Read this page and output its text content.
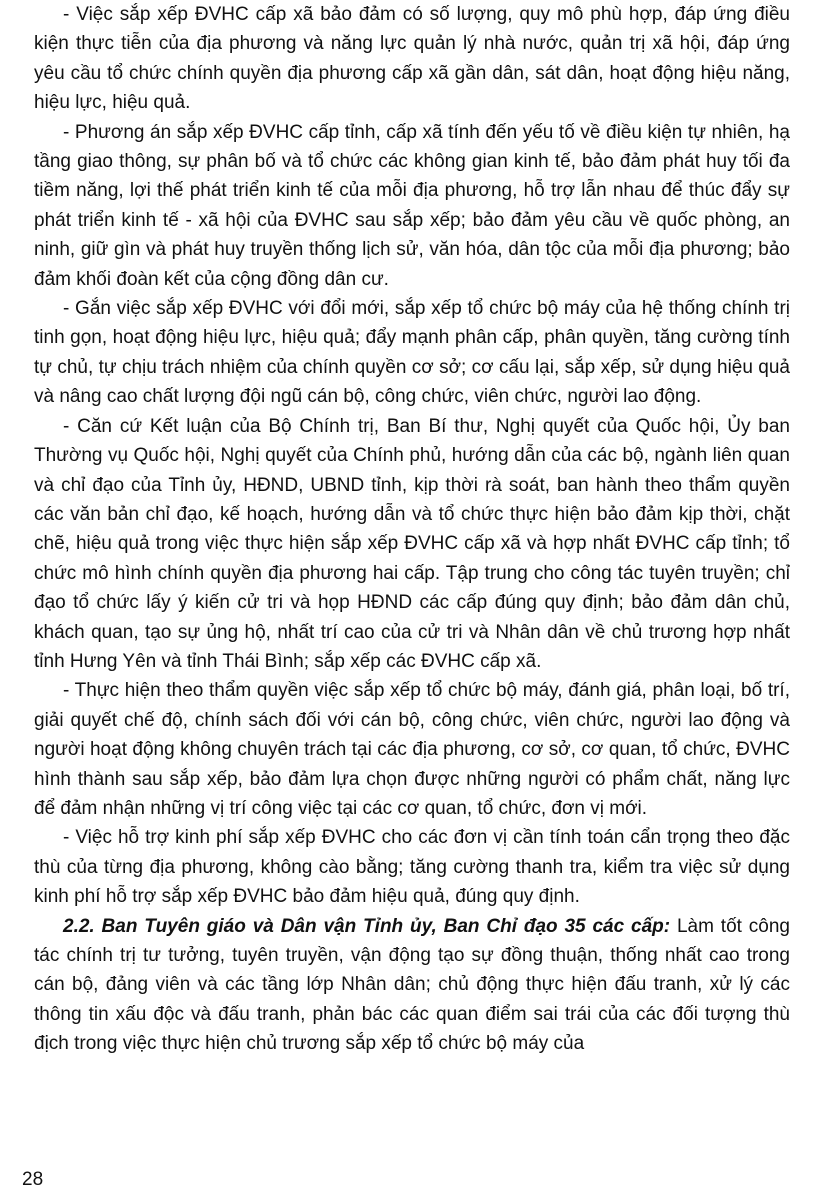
- Việc sắp xếp ĐVHC cấp xã bảo đảm có số lượng, quy mô phù hợp, đáp ứng điều kiện thực tiễn của địa phương và năng lực quản lý nhà nước, quản trị xã hội, đáp ứng yêu cầu tổ chức chính quyền địa phương cấp xã gần dân, sát dân, hoạt động hiệu năng, hiệu lực, hiệu quả.

- Phương án sắp xếp ĐVHC cấp tỉnh, cấp xã tính đến yếu tố về điều kiện tự nhiên, hạ tầng giao thông, sự phân bố và tổ chức các không gian kinh tế, bảo đảm phát huy tối đa tiềm năng, lợi thế phát triển kinh tế của mỗi địa phương, hỗ trợ lẫn nhau để thúc đẩy sự phát triển kinh tế - xã hội của ĐVHC sau sắp xếp; bảo đảm yêu cầu về quốc phòng, an ninh, giữ gìn và phát huy truyền thống lịch sử, văn hóa, dân tộc của mỗi địa phương; bảo đảm khối đoàn kết của cộng đồng dân cư.

- Gắn việc sắp xếp ĐVHC với đổi mới, sắp xếp tổ chức bộ máy của hệ thống chính trị tinh gọn, hoạt động hiệu lực, hiệu quả; đẩy mạnh phân cấp, phân quyền, tăng cường tính tự chủ, tự chịu trách nhiệm của chính quyền cơ sở; cơ cấu lại, sắp xếp, sử dụng hiệu quả và nâng cao chất lượng đội ngũ cán bộ, công chức, viên chức, người lao động.

- Căn cứ Kết luận của Bộ Chính trị, Ban Bí thư, Nghị quyết của Quốc hội, Ủy ban Thường vụ Quốc hội, Nghị quyết của Chính phủ, hướng dẫn của các bộ, ngành liên quan và chỉ đạo của Tỉnh ủy, HĐND, UBND tỉnh, kịp thời rà soát, ban hành theo thẩm quyền các văn bản chỉ đạo, kế hoạch, hướng dẫn và tổ chức thực hiện bảo đảm kịp thời, chặt chẽ, hiệu quả trong việc thực hiện sắp xếp ĐVHC cấp xã và hợp nhất ĐVHC cấp tỉnh; tổ chức mô hình chính quyền địa phương hai cấp. Tập trung cho công tác tuyên truyền; chỉ đạo tổ chức lấy ý kiến cử tri và họp HĐND các cấp đúng quy định; bảo đảm dân chủ, khách quan, tạo sự ủng hộ, nhất trí cao của cử tri và Nhân dân về chủ trương hợp nhất tỉnh Hưng Yên và tỉnh Thái Bình; sắp xếp các ĐVHC cấp xã.

- Thực hiện theo thẩm quyền việc sắp xếp tổ chức bộ máy, đánh giá, phân loại, bố trí, giải quyết chế độ, chính sách đối với cán bộ, công chức, viên chức, người lao động và người hoạt động không chuyên trách tại các địa phương, cơ sở, cơ quan, tổ chức, ĐVHC hình thành sau sắp xếp, bảo đảm lựa chọn được những người có phẩm chất, năng lực để đảm nhận những vị trí công việc tại các cơ quan, tổ chức, đơn vị mới.

- Việc hỗ trợ kinh phí sắp xếp ĐVHC cho các đơn vị cần tính toán cẩn trọng theo đặc thù của từng địa phương, không cào bằng; tăng cường thanh tra, kiểm tra việc sử dụng kinh phí hỗ trợ sắp xếp ĐVHC bảo đảm hiệu quả, đúng quy định.

2.2. Ban Tuyên giáo và Dân vận Tỉnh ủy, Ban Chỉ đạo 35 các cấp: Làm tốt công tác chính trị tư tưởng, tuyên truyền, vận động tạo sự đồng thuận, thống nhất cao trong cán bộ, đảng viên và các tầng lớp Nhân dân; chủ động thực hiện đấu tranh, xử lý các thông tin xấu độc và đấu tranh, phản bác các quan điểm sai trái của các đối tượng thù địch trong việc thực hiện chủ trương sắp xếp tổ chức bộ máy của

28
